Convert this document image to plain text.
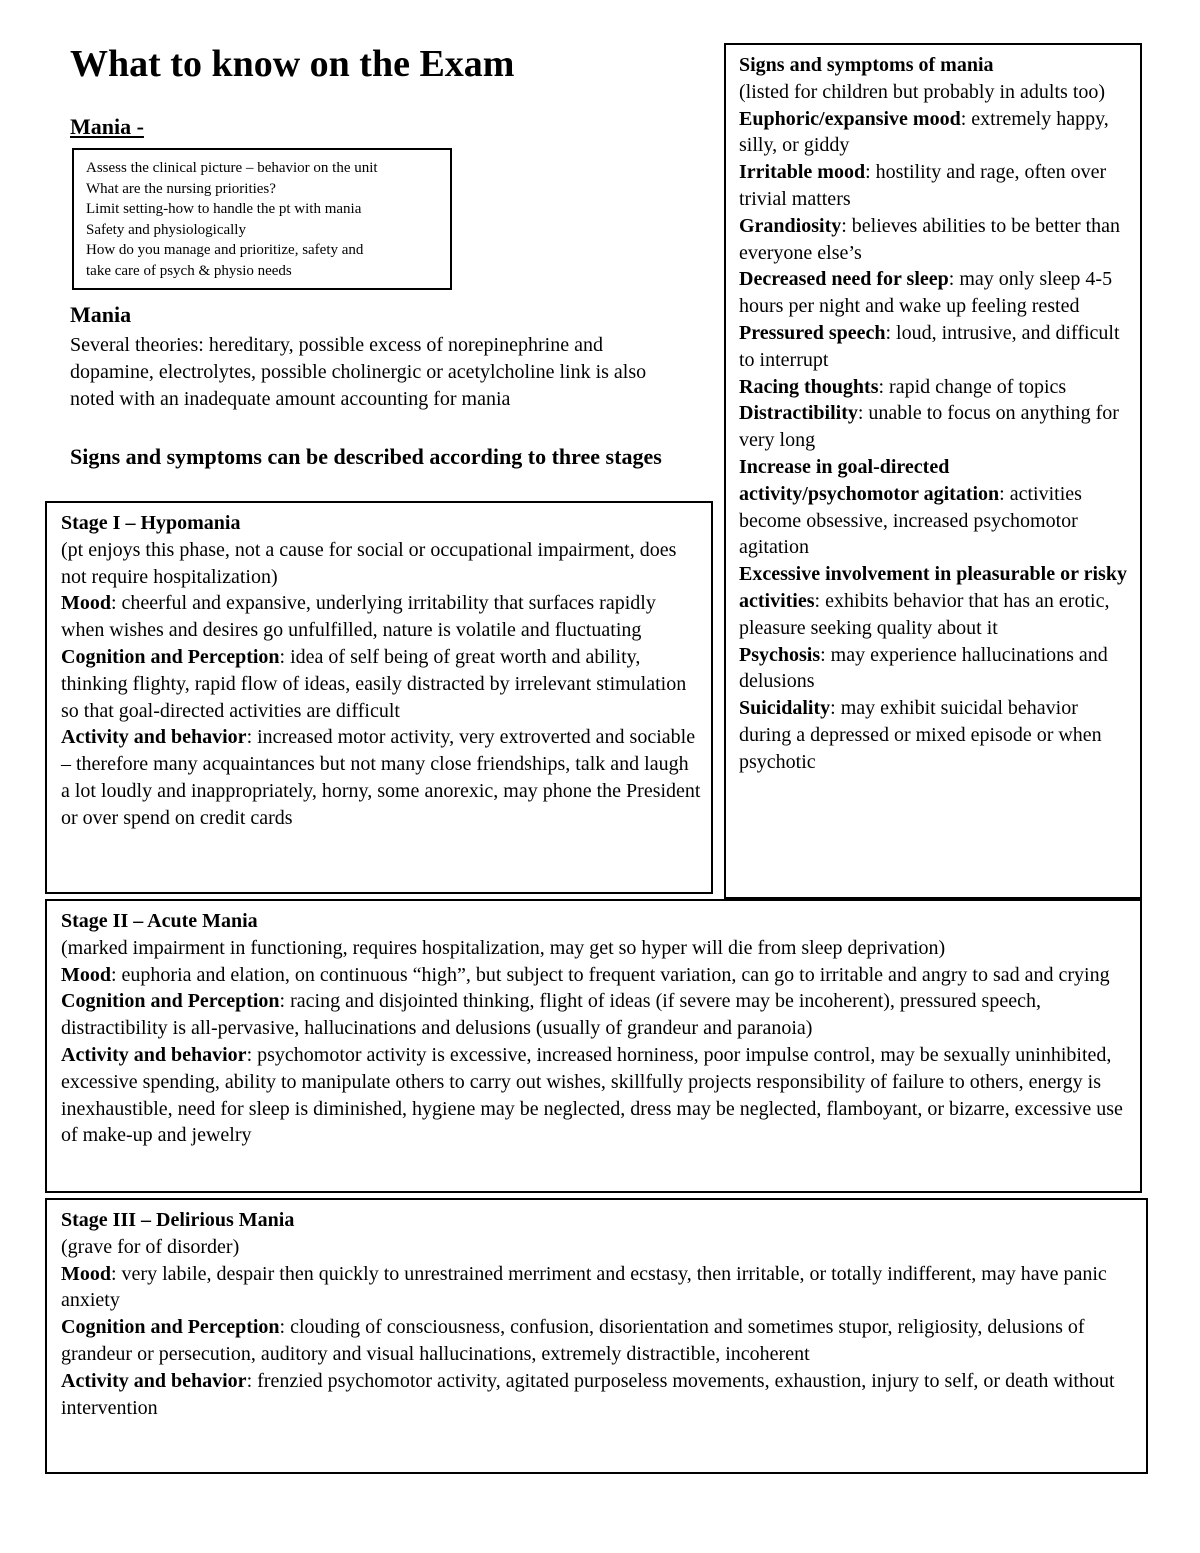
What to know on the Exam
Mania -
Assess the clinical picture – behavior on the unit
What are the nursing priorities?
Limit setting-how to handle the pt with mania
Safety and physiologically
How do you manage and prioritize, safety and
take care of psych & physio needs
Mania
Several theories: hereditary, possible excess of norepinephrine and dopamine, electrolytes, possible cholinergic or acetylcholine link is also noted with an inadequate amount accounting for mania
Signs and symptoms can be described according to three stages

Stage I – Hypomania

(pt enjoys this phase, not a cause for social or occupational impairment, does not require hospitalization)

Mood: cheerful and expansive, underlying irritability that surfaces rapidly when wishes and desires go unfulfilled, nature is volatile and fluctuating

Cognition and Perception: idea of self being of great worth and ability, thinking flighty, rapid flow of ideas, easily distracted by irrelevant stimulation so that goal-directed activities are difficult

Activity and behavior: increased motor activity, very extroverted and sociable – therefore many acquaintances but not many close friendships, talk and laugh a lot loudly and inappropriately, horny, some anorexic, may phone the President or over spend on credit cards

Signs and symptoms of mania

(listed for children but probably in adults too)

Euphoric/expansive mood: extremely happy, silly, or giddy

Irritable mood: hostility and rage, often over trivial matters

Grandiosity: believes abilities to be better than everyone else’s

Decreased need for sleep: may only sleep 4-5 hours per night and wake up feeling rested

Pressured speech: loud, intrusive, and difficult to interrupt

Racing thoughts: rapid change of topics

Distractibility: unable to focus on anything for very long

Increase in goal-directed activity/psychomotor agitation: activities become obsessive, increased psychomotor agitation

Excessive involvement in pleasurable or risky activities: exhibits behavior that has an erotic, pleasure seeking quality about it

Psychosis: may experience hallucinations and delusions

Suicidality: may exhibit suicidal behavior during a depressed or mixed episode or when psychotic

Stage II – Acute Mania

(marked impairment in functioning, requires hospitalization, may get so hyper will die from sleep deprivation)

Mood: euphoria and elation, on continuous “high”, but subject to frequent variation, can go to irritable and angry to sad and crying

Cognition and Perception: racing and disjointed thinking, flight of ideas (if severe may be incoherent), pressured speech, distractibility is all-pervasive, hallucinations and delusions (usually of grandeur and paranoia)

Activity and behavior: psychomotor activity is excessive, increased horniness, poor impulse control, may be sexually uninhibited, excessive spending, ability to manipulate others to carry out wishes, skillfully projects responsibility of failure to others, energy is inexhaustible, need for sleep is diminished, hygiene may be neglected, dress may be neglected, flamboyant, or bizarre, excessive use of make-up and jewelry

Stage III – Delirious Mania

(grave for of disorder)

Mood: very labile, despair then quickly to unrestrained merriment and ecstasy, then irritable, or totally indifferent, may have panic anxiety

Cognition and Perception: clouding of consciousness, confusion, disorientation and sometimes stupor, religiosity, delusions of grandeur or persecution, auditory and visual hallucinations, extremely distractible, incoherent

Activity and behavior: frenzied psychomotor activity, agitated purposeless movements, exhaustion, injury to self, or death without intervention
